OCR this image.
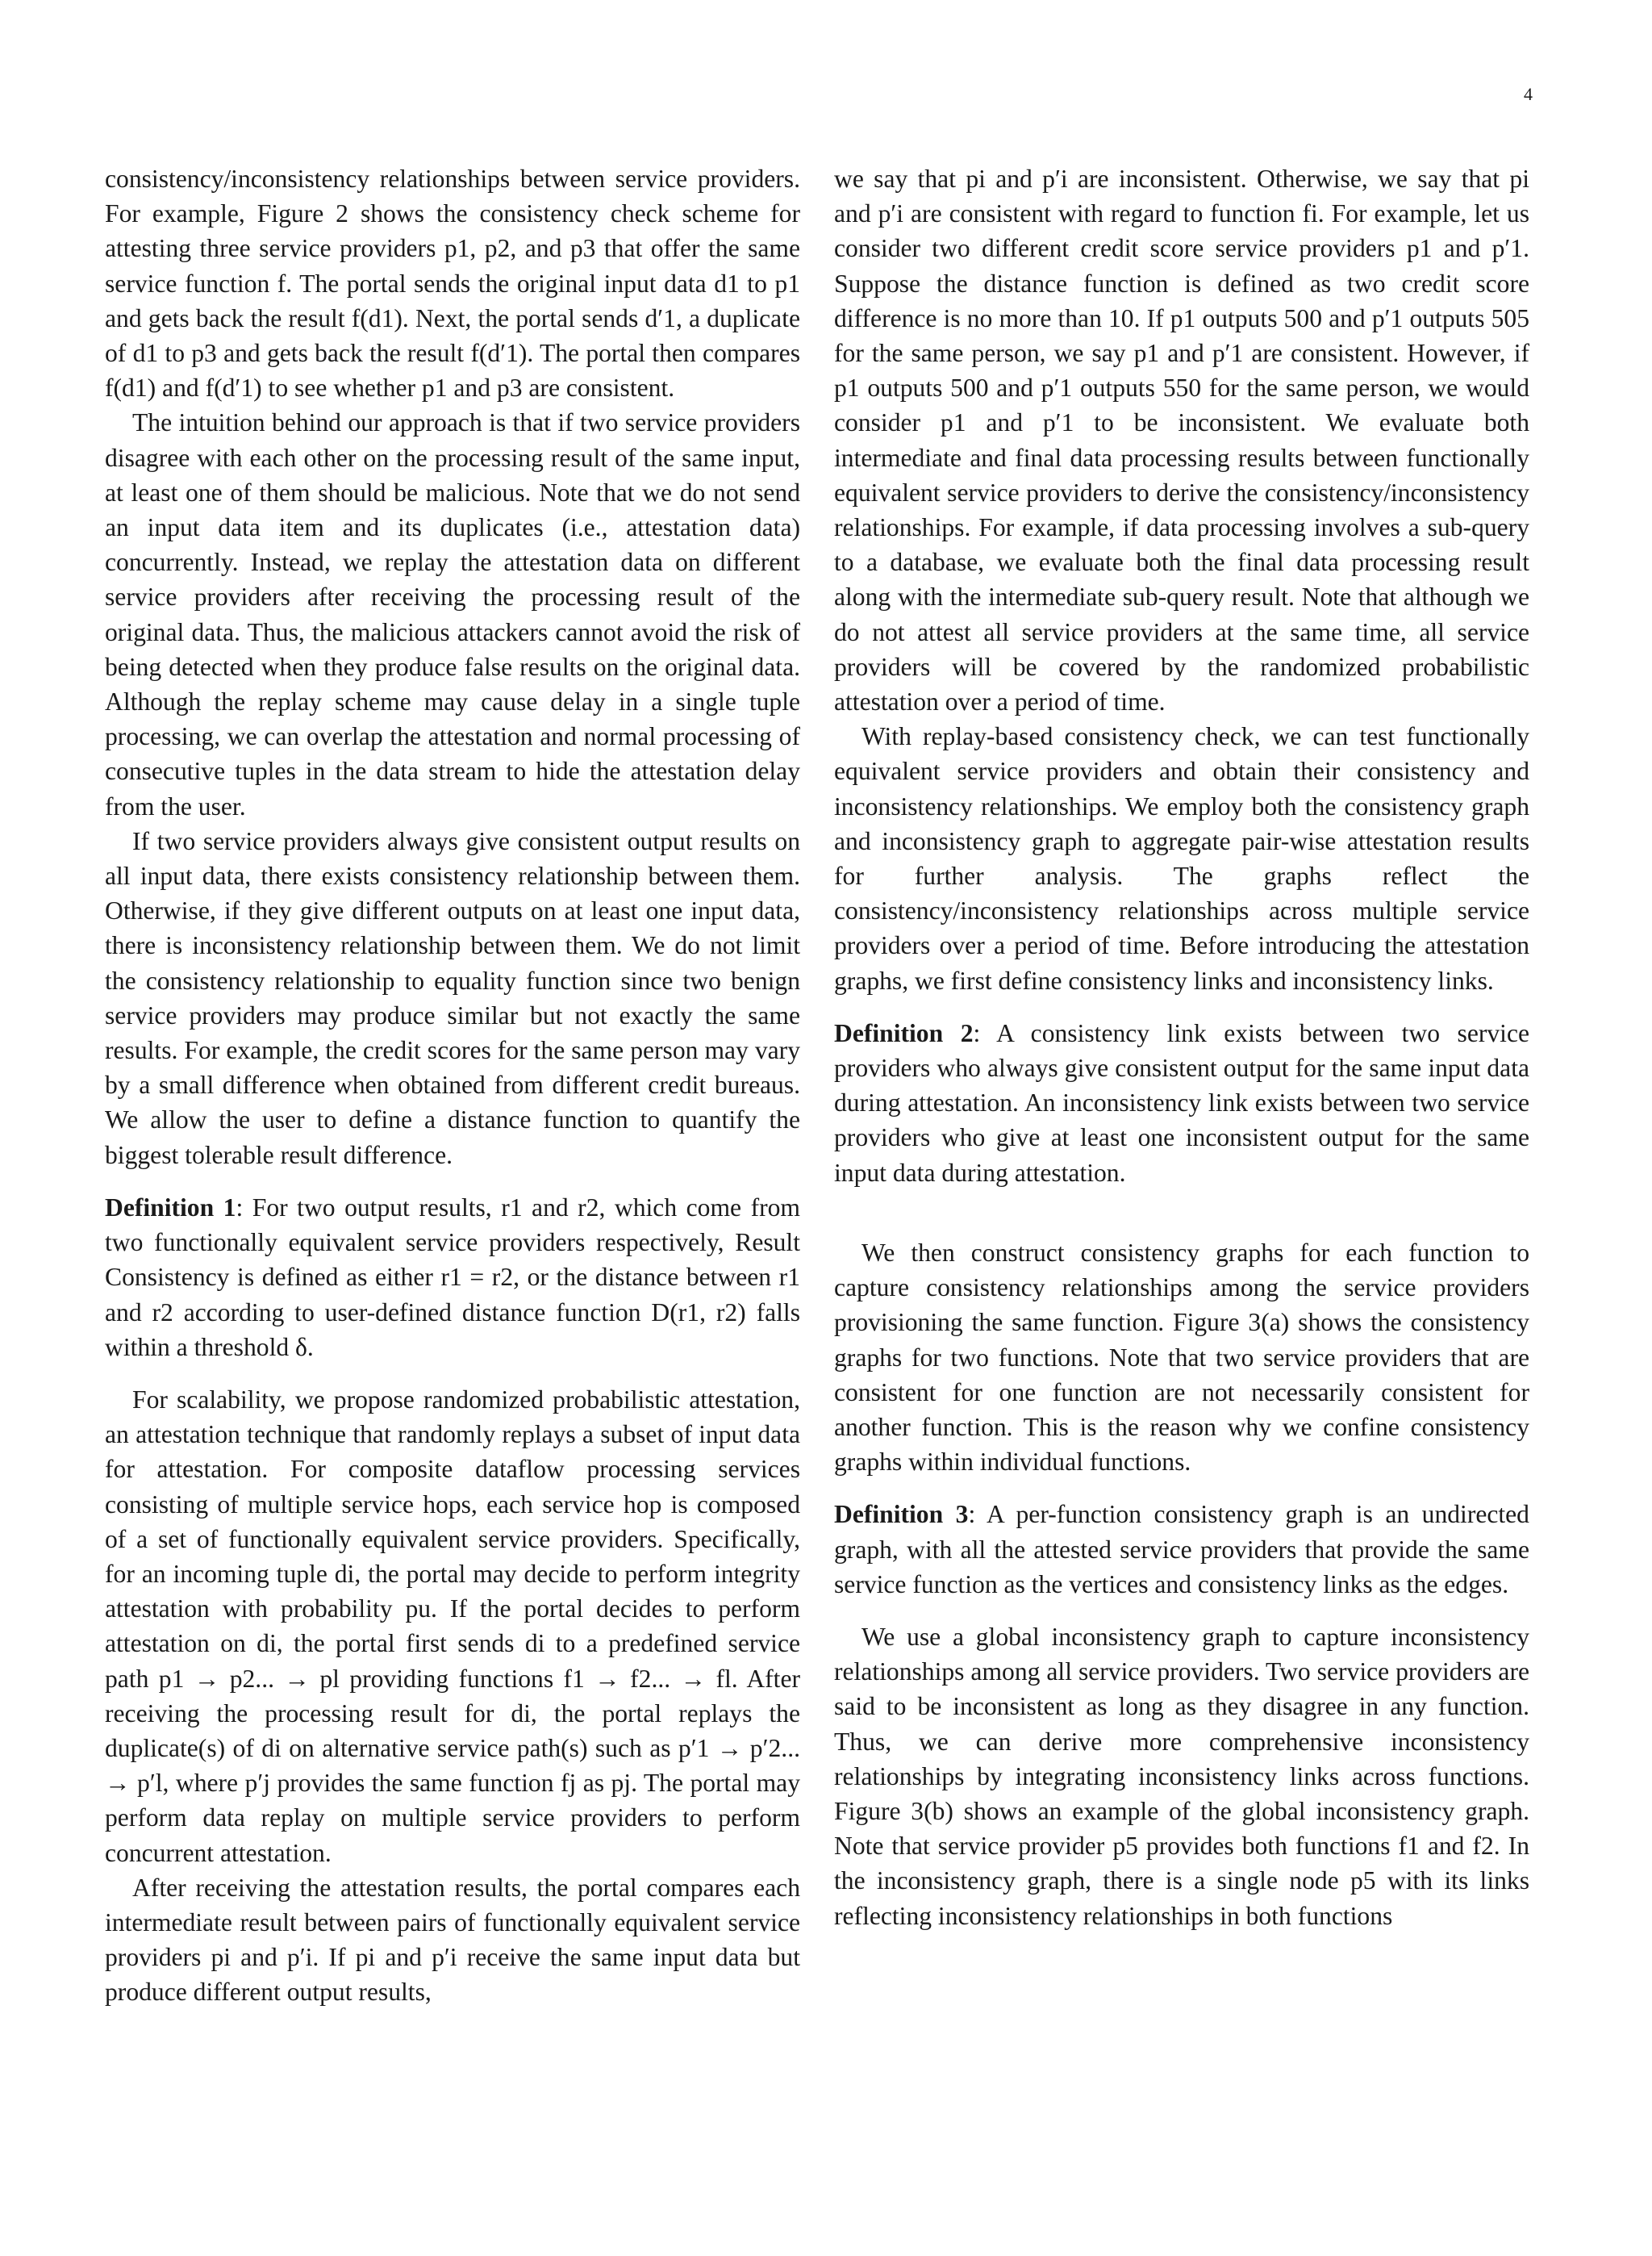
4

consistency/inconsistency relationships between service providers. For example, Figure 2 shows the consistency check scheme for attesting three service providers p1, p2, and p3 that offer the same service function f. The portal sends the original input data d1 to p1 and gets back the result f(d1). Next, the portal sends d′1, a duplicate of d1 to p3 and gets back the result f(d′1). The portal then compares f(d1) and f(d′1) to see whether p1 and p3 are consistent.

The intuition behind our approach is that if two service providers disagree with each other on the processing result of the same input, at least one of them should be malicious. Note that we do not send an input data item and its duplicates (i.e., attestation data) concurrently. Instead, we replay the attestation data on different service providers after receiving the processing result of the original data. Thus, the malicious attackers cannot avoid the risk of being detected when they produce false results on the original data. Although the replay scheme may cause delay in a single tuple processing, we can overlap the attestation and normal processing of consecutive tuples in the data stream to hide the attestation delay from the user.

If two service providers always give consistent output results on all input data, there exists consistency relationship between them. Otherwise, if they give different outputs on at least one input data, there is inconsistency relationship between them. We do not limit the consistency relationship to equality function since two benign service providers may produce similar but not exactly the same results. For example, the credit scores for the same person may vary by a small difference when obtained from different credit bureaus. We allow the user to define a distance function to quantify the biggest tolerable result difference.

Definition 1: For two output results, r1 and r2, which come from two functionally equivalent service providers respectively, Result Consistency is defined as either r1 = r2, or the distance between r1 and r2 according to user-defined distance function D(r1, r2) falls within a threshold δ.

For scalability, we propose randomized probabilistic attestation, an attestation technique that randomly replays a subset of input data for attestation. For composite dataflow processing services consisting of multiple service hops, each service hop is composed of a set of functionally equivalent service providers. Specifically, for an incoming tuple di, the portal may decide to perform integrity attestation with probability pu. If the portal decides to perform attestation on di, the portal first sends di to a predefined service path p1 → p2... → pl providing functions f1 → f2... → fl. After receiving the processing result for di, the portal replays the duplicate(s) of di on alternative service path(s) such as p′1 → p′2... → p′l, where p′j provides the same function fj as pj. The portal may perform data replay on multiple service providers to perform concurrent attestation.

After receiving the attestation results, the portal compares each intermediate result between pairs of functionally equivalent service providers pi and p′i. If pi and p′i receive the same input data but produce different output results,

we say that pi and p′i are inconsistent. Otherwise, we say that pi and p′i are consistent with regard to function fi. For example, let us consider two different credit score service providers p1 and p′1. Suppose the distance function is defined as two credit score difference is no more than 10. If p1 outputs 500 and p′1 outputs 505 for the same person, we say p1 and p′1 are consistent. However, if p1 outputs 500 and p′1 outputs 550 for the same person, we would consider p1 and p′1 to be inconsistent. We evaluate both intermediate and final data processing results between functionally equivalent service providers to derive the consistency/inconsistency relationships. For example, if data processing involves a sub-query to a database, we evaluate both the final data processing result along with the intermediate sub-query result. Note that although we do not attest all service providers at the same time, all service providers will be covered by the randomized probabilistic attestation over a period of time.

With replay-based consistency check, we can test functionally equivalent service providers and obtain their consistency and inconsistency relationships. We employ both the consistency graph and inconsistency graph to aggregate pair-wise attestation results for further analysis. The graphs reflect the consistency/inconsistency relationships across multiple service providers over a period of time. Before introducing the attestation graphs, we first define consistency links and inconsistency links.

Definition 2: A consistency link exists between two service providers who always give consistent output for the same input data during attestation. An inconsistency link exists between two service providers who give at least one inconsistent output for the same input data during attestation.

We then construct consistency graphs for each function to capture consistency relationships among the service providers provisioning the same function. Figure 3(a) shows the consistency graphs for two functions. Note that two service providers that are consistent for one function are not necessarily consistent for another function. This is the reason why we confine consistency graphs within individual functions.

Definition 3: A per-function consistency graph is an undirected graph, with all the attested service providers that provide the same service function as the vertices and consistency links as the edges.

We use a global inconsistency graph to capture inconsistency relationships among all service providers. Two service providers are said to be inconsistent as long as they disagree in any function. Thus, we can derive more comprehensive inconsistency relationships by integrating inconsistency links across functions. Figure 3(b) shows an example of the global inconsistency graph. Note that service provider p5 provides both functions f1 and f2. In the inconsistency graph, there is a single node p5 with its links reflecting inconsistency relationships in both functions
